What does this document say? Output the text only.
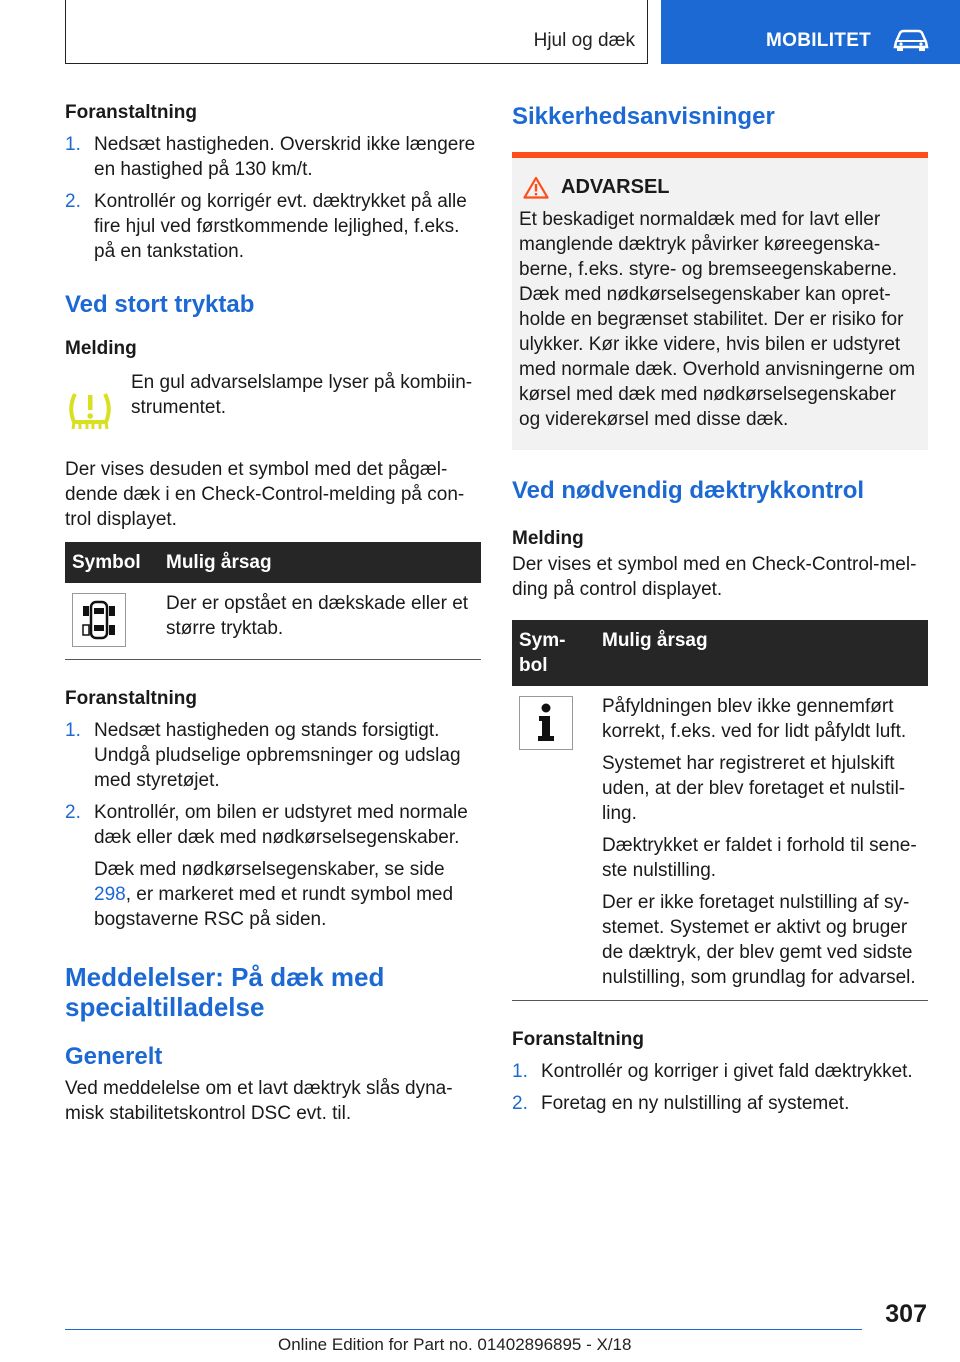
Hjul og dæk	MOBILITET
Foranstaltning
1. Nedsæt hastigheden. Overskrid ikke længere en hastighed på 130 km/t.
2. Kontrollér og korrigér evt. dæktrykket på alle fire hjul ved førstkommende lejlighed, f.eks. på en tankstation.
Ved stort tryktab
Melding

En gul advarselslampe lyser på kombiin- strumentet.

Der vises desuden et symbol med det pågæl- dende dæk i en Check-Control-melding på con- trol displayet.

Symbol	Mulig årsag

Der er opstået en dækskade eller et større tryktab.

Foranstaltning
1. Nedsæt hastigheden og stands forsigtigt. Undgå pludselige opbremsninger og udslag med styretøjet.
2. Kontrollér, om bilen er udstyret med normale dæk eller dæk med nødkørselsegenskaber.
Dæk med nødkørselsegenskaber, se side 298, er markeret med et rundt symbol med bogstaverne RSC på siden.
Meddelelser: På dæk med specialtilladelse
Generelt

Ved meddelelse om et lavt dæktryk slås dyna- misk stabilitetskontrol DSC evt. til.

Sikkerhedsanvisninger
ADVARSEL

Et beskadiget normaldæk med for lavt eller manglende dæktryk påvirker køreegenska- berne, f.eks. styre- og bremseegenskaberne. Dæk med nødkørselsegenskaber kan opret- holde en begrænset stabilitet. Der er risiko for ulykker. Kør ikke videre, hvis bilen er udstyret med normale dæk. Overhold anvisningerne om kørsel med dæk med nødkørselsegenskaber og viderekørsel med disse dæk.

Ved nødvendig dæktrykkontrol
Melding

Der vises et symbol med en Check-Control-mel- ding på control displayet.

Sym- bol	Mulig årsag

Påfyldningen blev ikke gennemført korrekt, f.eks. ved for lidt påfyldt luft.

Systemet har registreret et hjulskift uden, at der blev foretaget et nulstil- ling.

Dæktrykket er faldet i forhold til sene- ste nulstilling.

Der er ikke foretaget nulstilling af sy- stemet. Systemet er aktivt og bruger de dæktryk, der blev gemt ved sidste nulstilling, som grundlag for advarsel.

Foranstaltning
1. Kontrollér og korriger i givet fald dæktrykket.
2. Foretag en ny nulstilling af systemet.
307
Online Edition for Part no. 01402896895 - X/18
